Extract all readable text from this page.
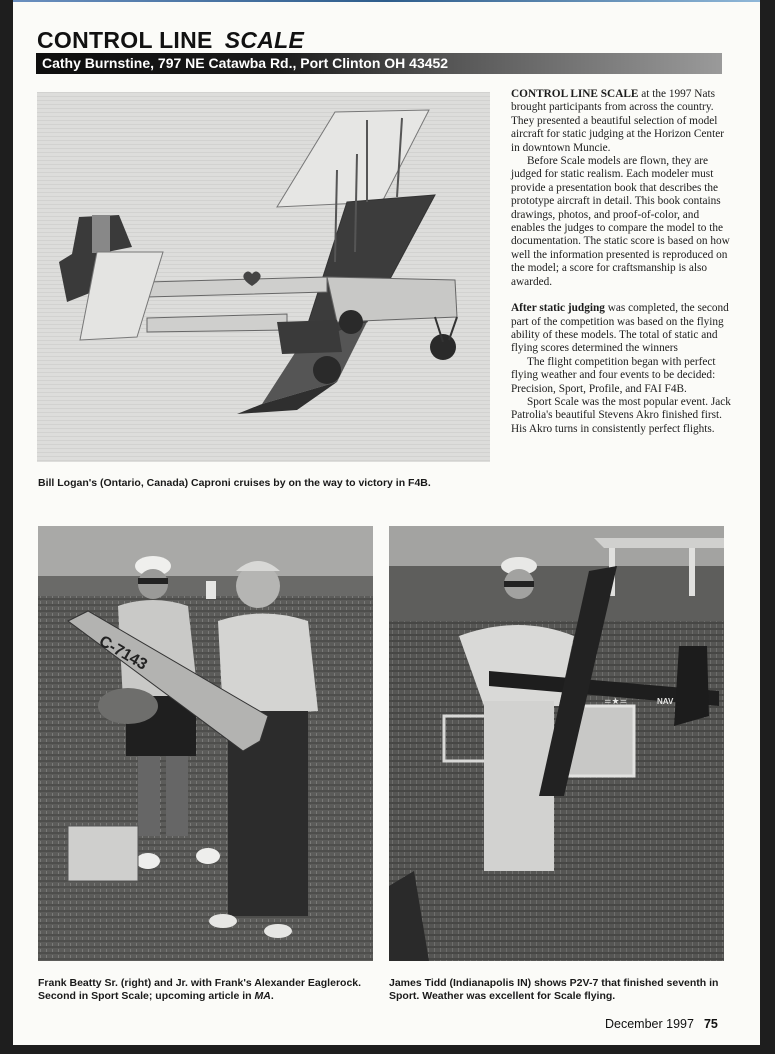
CONTROL LINE SCALE
Cathy Burnstine, 797 NE Catawba Rd., Port Clinton OH 43452
Bill Logan's (Ontario, Canada) Caproni cruises by on the way to victory in F4B.

CONTROL LINE SCALE at the 1997 Nats brought participants from across the country. They presented a beautiful selection of model aircraft for static judging at the Horizon Center in downtown Muncie.

Before Scale models are flown, they are judged for static realism. Each modeler must provide a presentation book that describes the prototype aircraft in detail. This book contains drawings, photos, and proof-of-color, and enables the judges to compare the model to the documentation. The static score is based on how well the information presented is reproduced on the model; a score for craftsmanship is also awarded.

After static judging was completed, the second part of the competition was based on the flying ability of these models. The total of static and flying scores determined the winners

The flight competition began with perfect flying weather and four events to be decided: Precision, Sport, Profile, and FAI F4B.

Sport Scale was the most popular event. Jack Patrolia's beautiful Stevens Akro finished first. His Akro turns in consistently perfect flights.

C-7143
Frank Beatty Sr. (right) and Jr. with Frank's Alexander Eaglerock. Second in Sport Scale; upcoming article in MA.
NAV
=★=
James Tidd (Indianapolis IN) shows P2V-7 that finished seventh in Sport. Weather was excellent for Scale flying.
December 1997 75
